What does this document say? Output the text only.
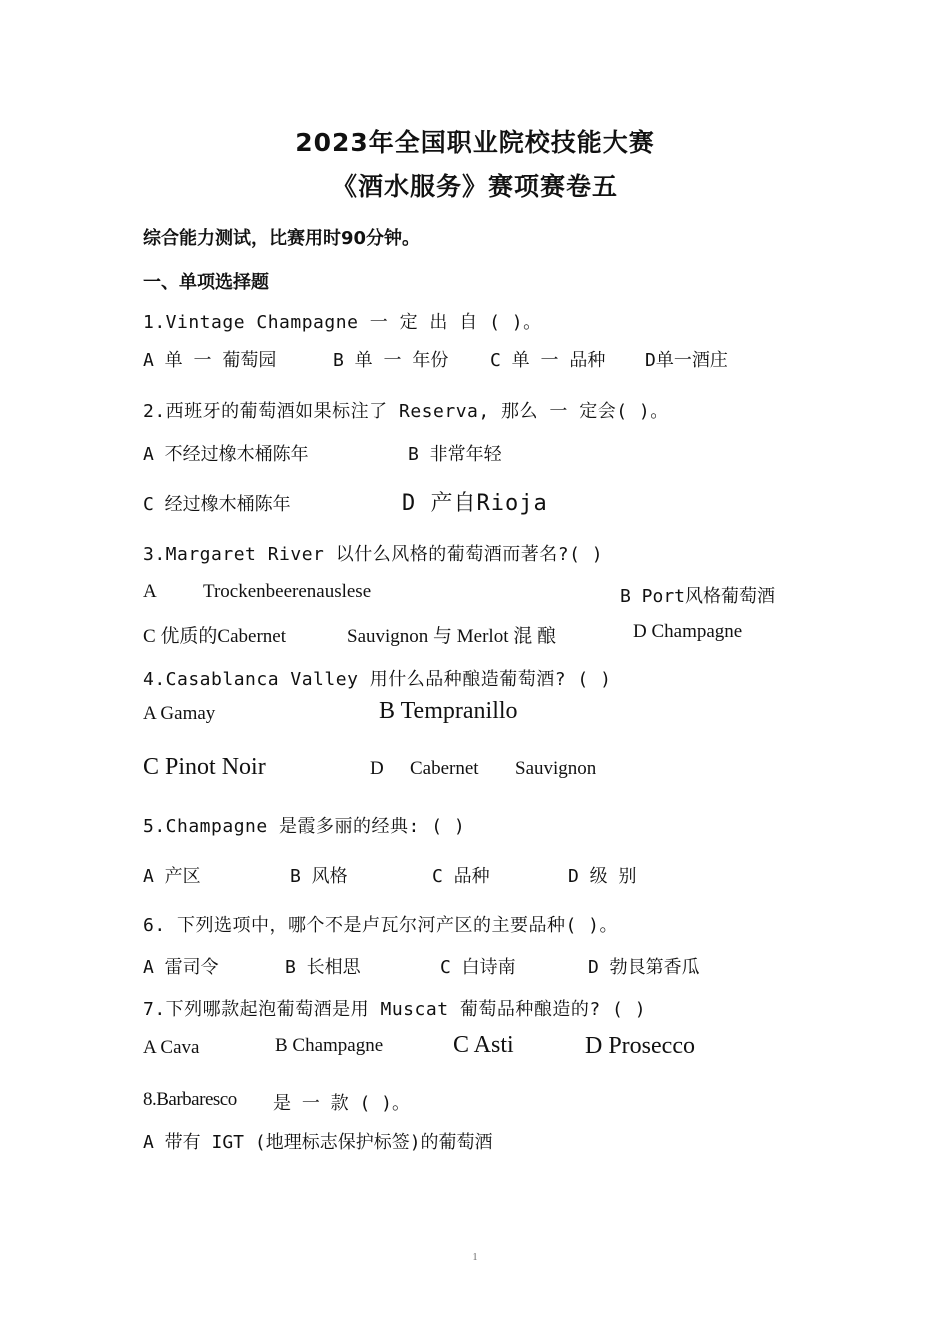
2023年全国职业院校技能大赛
《酒水服务》赛项赛卷五
综合能力测试，比赛用时90分钟。
一、单项选择题
1.Vintage Champagne 一 定 出 自 ( )。
A 单 一 葡萄园	B 单 一 年份 C 单 一 品种 D单一酒庄
2.西班牙的葡萄酒如果标注了 Reserva, 那么 一 定会( )。
A 不经过橡木桶陈年	B 非常年轻
C 经过橡木桶陈年	D 产自Rioja
3.Margaret River 以什么风格的葡萄酒而著名?( )
A Trockenbeerenauslese	B Port风格葡萄酒
C 优质的Cabernet	Sauvignon 与 Merlot 混 酿	D Champagne
4.Casablanca Valley 用什么品种酿造葡萄酒? ( )
A Gamay	B Tempranillo
C Pinot Noir	D Cabernet Sauvignon
5.Champagne 是霞多丽的经典: ( )
A 产区	B 风格	C 品种	D 级 别
6. 下列选项中，哪个不是卢瓦尔河产区的主要品种( )。
A 雷司令	B 长相思	C 白诗南	D 勃艮第香瓜
7.下列哪款起泡葡萄酒是用 Muscat 葡萄品种酿造的? ( )
A Cava	B Champagne	C Asti	D Prosecco
8.Barbaresco 是 一 款 ( )。
A 带有 IGT (地理标志保护标签)的葡萄酒
1
